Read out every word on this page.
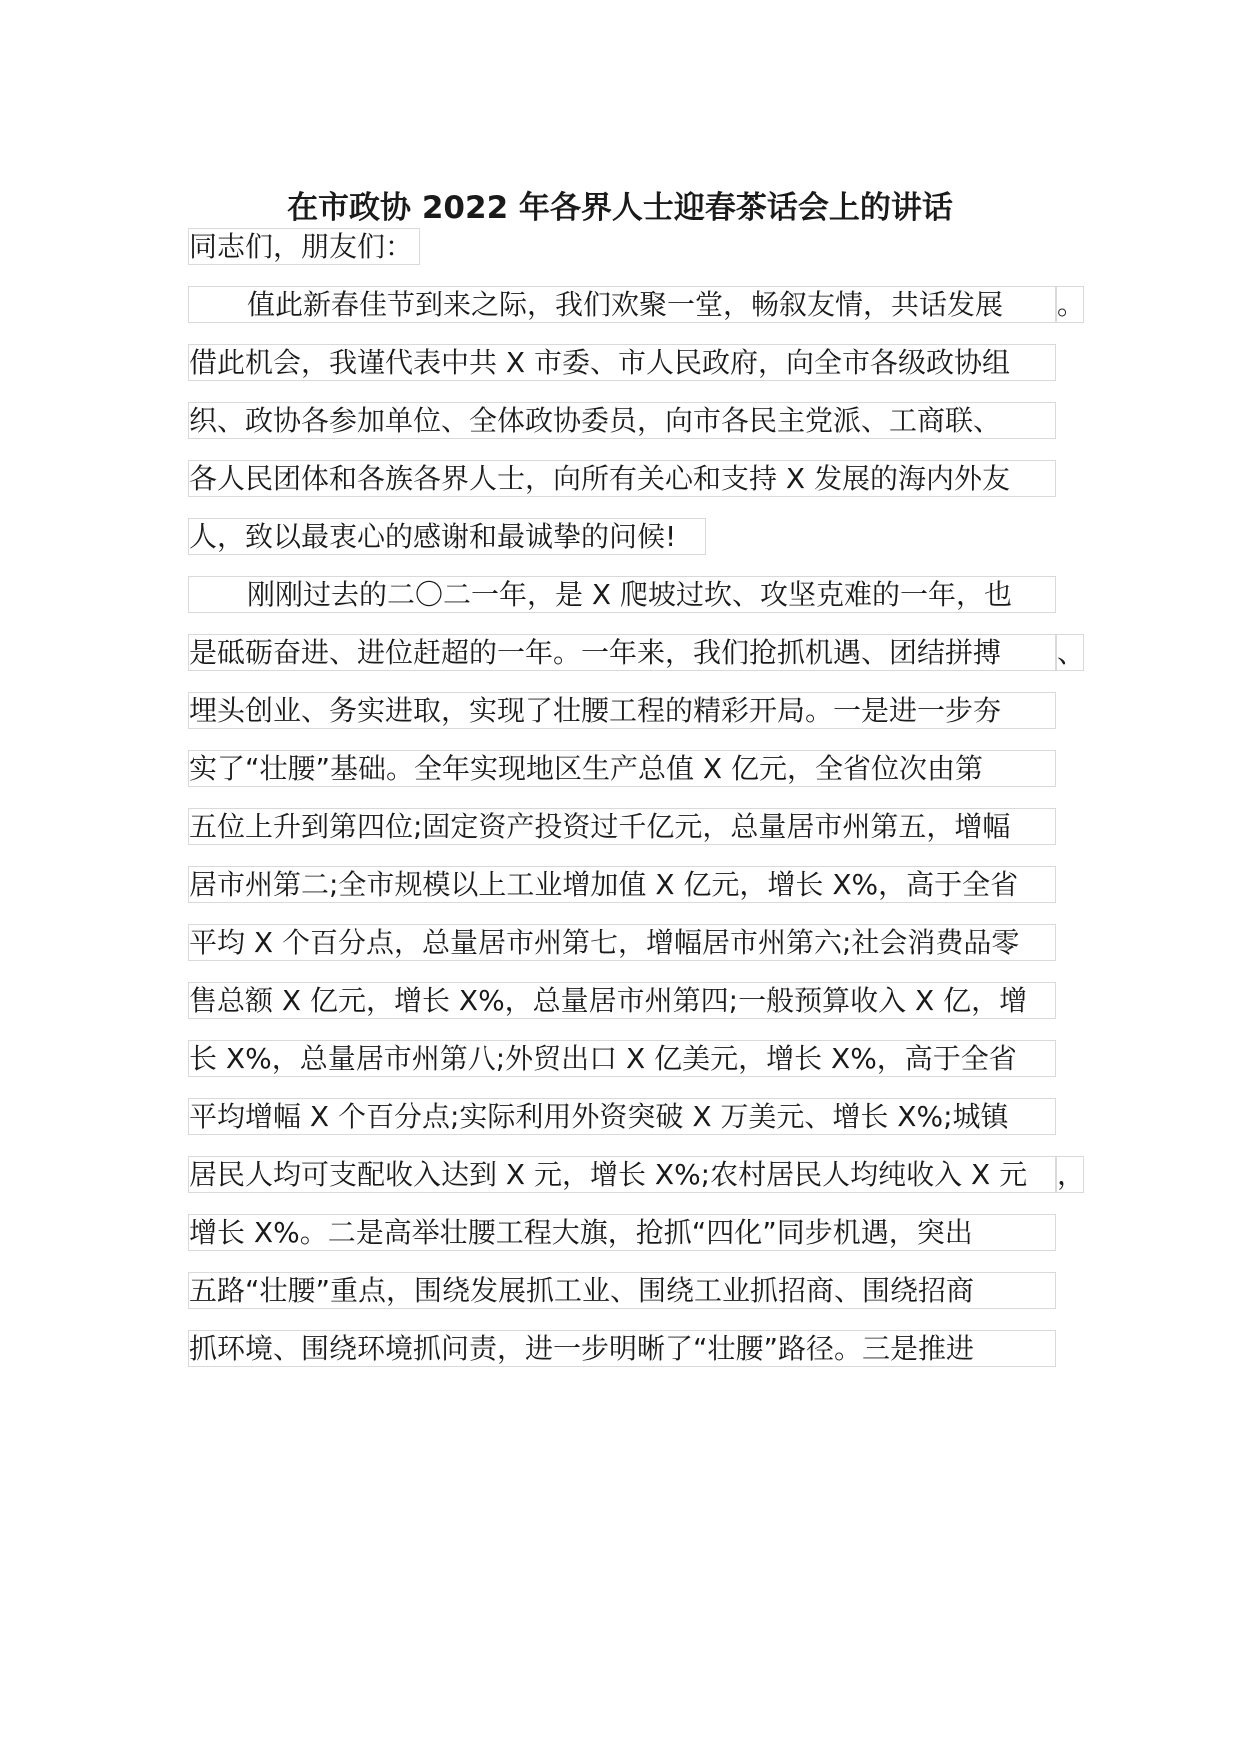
在市政协 2022 年各界人士迎春茶话会上的讲话
同志们，朋友们：
值此新春佳节到来之际，我们欢聚一堂，畅叙友情，共话发展	。
借此机会，我谨代表中共 X 市委、市人民政府，向全市各级政协组
织、政协各参加单位、全体政协委员，向市各民主党派、工商联、
各人民团体和各族各界人士，向所有关心和支持 X 发展的海内外友
人，致以最衷心的感谢和最诚挚的问候!
刚刚过去的二〇二一年，是 X 爬坡过坎、攻坚克难的一年，也
是砥砺奋进、进位赶超的一年。一年来，我们抢抓机遇、团结拼搏	、
埋头创业、务实进取，实现了壮腰工程的精彩开局。一是进一步夯
实了“壮腰”基础。全年实现地区生产总值 X 亿元，全省位次由第
五位上升到第四位;固定资产投资过千亿元，总量居市州第五，增幅
居市州第二;全市规模以上工业增加值 X 亿元，增长 X%，高于全省
平均 X 个百分点，总量居市州第七，增幅居市州第六;社会消费品零
售总额 X 亿元，增长 X%，总量居市州第四;一般预算收入 X 亿，增
长 X%，总量居市州第八;外贸出口 X 亿美元，增长 X%，高于全省
平均增幅 X 个百分点;实际利用外资突破 X 万美元、增长 X%;城镇
居民人均可支配收入达到 X 元，增长 X%;农村居民人均纯收入 X 元	，
增长 X%。二是高举壮腰工程大旗，抢抓“四化”同步机遇，突出
五路“壮腰”重点，围绕发展抓工业、围绕工业抓招商、围绕招商
抓环境、围绕环境抓问责，进一步明晰了“壮腰”路径。三是推进
